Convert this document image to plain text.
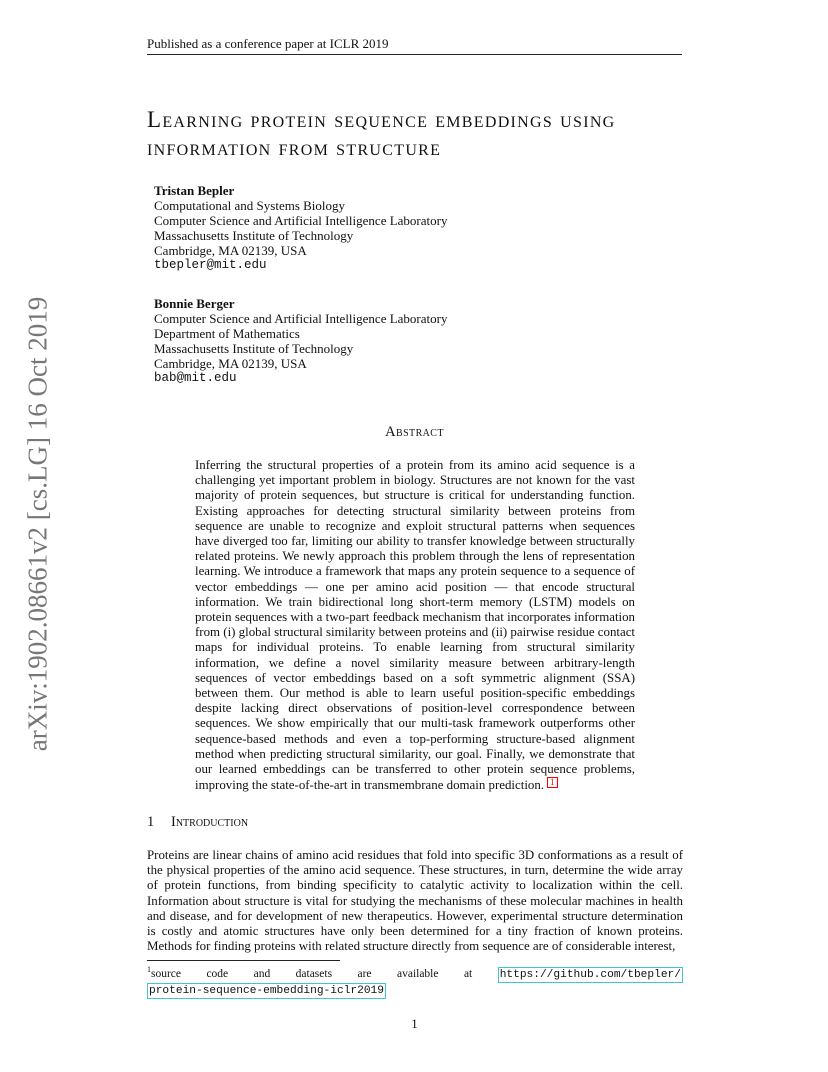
Published as a conference paper at ICLR 2019
arXiv:1902.08661v2 [cs.LG] 16 Oct 2019
Learning protein sequence embeddings using
information from structure
Tristan Bepler
Computational and Systems Biology
Computer Science and Artificial Intelligence Laboratory
Massachusetts Institute of Technology
Cambridge, MA 02139, USA
tbepler@mit.edu
Bonnie Berger
Computer Science and Artificial Intelligence Laboratory
Department of Mathematics
Massachusetts Institute of Technology
Cambridge, MA 02139, USA
bab@mit.edu
Abstract
Inferring the structural properties of a protein from its amino acid sequence is a challenging yet important problem in biology. Structures are not known for the vast majority of protein sequences, but structure is critical for understanding function. Existing approaches for detecting structural similarity between proteins from sequence are unable to recognize and exploit structural patterns when sequences have diverged too far, limiting our ability to transfer knowledge between structurally related proteins. We newly approach this problem through the lens of representation learning. We introduce a framework that maps any protein sequence to a sequence of vector embeddings — one per amino acid position — that encode structural information. We train bidirectional long short-term memory (LSTM) models on protein sequences with a two-part feedback mechanism that incorporates information from (i) global structural similarity between proteins and (ii) pairwise residue contact maps for individual proteins. To enable learning from structural similarity information, we define a novel similarity measure between arbitrary-length sequences of vector embeddings based on a soft symmetric alignment (SSA) between them. Our method is able to learn useful position-specific embeddings despite lacking direct observations of position-level correspondence between sequences. We show empirically that our multi-task framework outperforms other sequence-based methods and even a top-performing structure-based alignment method when predicting structural similarity, our goal. Finally, we demonstrate that our learned embeddings can be transferred to other protein sequence problems, improving the state-of-the-art in transmembrane domain prediction. 1
1 Introduction
Proteins are linear chains of amino acid residues that fold into specific 3D conformations as a result of the physical properties of the amino acid sequence. These structures, in turn, determine the wide array of protein functions, from binding specificity to catalytic activity to localization within the cell. Information about structure is vital for studying the mechanisms of these molecular machines in health and disease, and for development of new therapeutics. However, experimental structure determination is costly and atomic structures have only been determined for a tiny fraction of known proteins. Methods for finding proteins with related structure directly from sequence are of considerable interest,
$^1$source code and datasets are available at https://github.com/tbepler/
protein-sequence-embedding-iclr2019
1
